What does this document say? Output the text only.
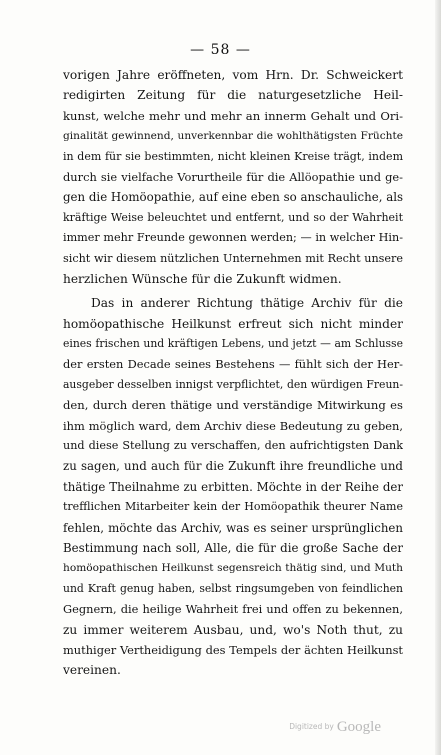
— 58 —
vorigen Jahre eröffneten, vom Hrn. Dr. Schweickert
redigirten Zeitung für die naturgesetzliche Heil-
kunst, welche mehr und mehr an innerm Gehalt und Ori-
ginalität gewinnend, unverkennbar die wohlthätigsten Früchte
in dem für sie bestimmten, nicht kleinen Kreise trägt, indem
durch sie vielfache Vorurtheile für die Allöopathie und ge-
gen die Homöopathie, auf eine eben so anschauliche, als
kräftige Weise beleuchtet und entfernt, und so der Wahrheit
immer mehr Freunde gewonnen werden; — in welcher Hin-
sicht wir diesem nützlichen Unternehmen mit Recht unsere
herzlichen Wünsche für die Zukunft widmen.
Das in anderer Richtung thätige Archiv für die
homöopathische Heilkunst erfreut sich nicht minder
eines frischen und kräftigen Lebens, und jetzt — am Schlusse
der ersten Decade seines Bestehens — fühlt sich der Her-
ausgeber desselben innigst verpflichtet, den würdigen Freun-
den, durch deren thätige und verständige Mitwirkung es
ihm möglich ward, dem Archiv diese Bedeutung zu geben,
und diese Stellung zu verschaffen, den aufrichtigsten Dank
zu sagen, und auch für die Zukunft ihre freundliche und
thätige Theilnahme zu erbitten. Möchte in der Reihe der
trefflichen Mitarbeiter kein der Homöopathik theurer Name
fehlen, möchte das Archiv, was es seiner ursprünglichen
Bestimmung nach soll, Alle, die für die große Sache der
homöopathischen Heilkunst segensreich thätig sind, und Muth
und Kraft genug haben, selbst ringsumgeben von feindlichen
Gegnern, die heilige Wahrheit frei und offen zu bekennen,
zu immer weiterem Ausbau, und, wo's Noth thut, zu
muthiger Vertheidigung des Tempels der ächten Heilkunst
vereinen.
Digitized by Google
